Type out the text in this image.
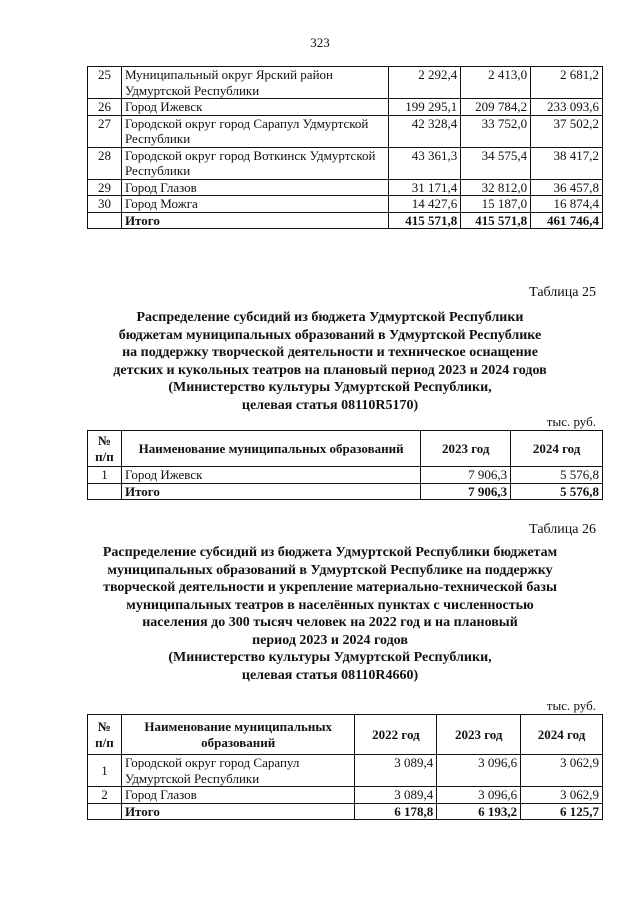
323
25	Муниципальный округ Ярский район Удмуртской Республики	2 292,4	2 413,0	2 681,2
26	Город Ижевск	199 295,1	209 784,2	233 093,6
27	Городской округ город Сарапул Удмуртской Республики	42 328,4	33 752,0	37 502,2
28	Городской округ город Воткинск Удмуртской Республики	43 361,3	34 575,4	38 417,2
29	Город Глазов	31 171,4	32 812,0	36 457,8
30	Город Можга	14 427,6	15 187,0	16 874,4
	Итого	415 571,8	415 571,8	461 746,4
Таблица 25
Распределение субсидий из бюджета Удмуртской Республики
бюджетам муниципальных образований в Удмуртской Республике
на поддержку творческой деятельности и техническое оснащение
детских и кукольных театров на плановый период 2023 и 2024 годов
(Министерство культуры Удмуртской Республики,
целевая статья 08110R5170)
тыс. руб.
№ п/п	Наименование муниципальных образований	2023 год	2024 год
1	Город Ижевск	7 906,3	5 576,8
	Итого	7 906,3	5 576,8
Таблица 26
Распределение субсидий из бюджета Удмуртской Республики бюджетам
муниципальных образований в Удмуртской Республике на поддержку
творческой деятельности и укрепление материально-технической базы
муниципальных театров в населённых пунктах с численностью
населения до 300 тысяч человек на 2022 год и на плановый
период 2023 и 2024 годов
(Министерство культуры Удмуртской Республики,
целевая статья 08110R4660)
тыс. руб.
№ п/п	Наименование муниципальных образований	2022 год	2023 год	2024 год
1	Городской округ город Сарапул Удмуртской Республики	3 089,4	3 096,6	3 062,9
2	Город Глазов	3 089,4	3 096,6	3 062,9
	Итого	6 178,8	6 193,2	6 125,7
